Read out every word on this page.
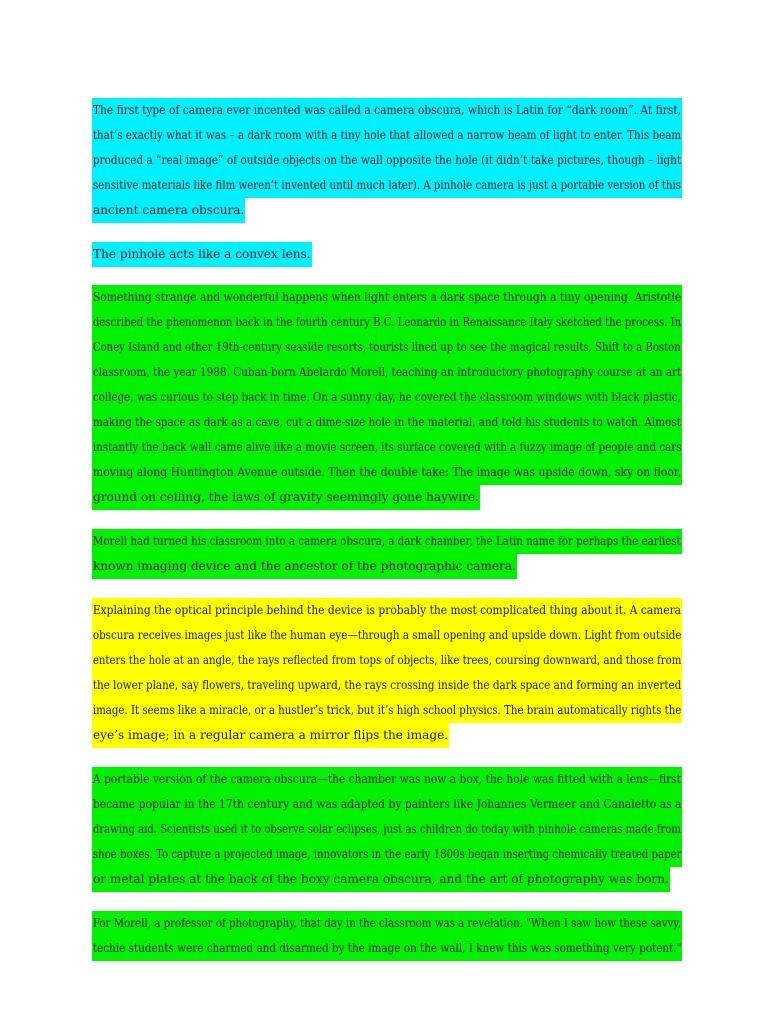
The first type of camera ever incented was called a camera obscura, which is Latin for “dark room”. At first,
that’s exactly what it was – a dark room with a tiny hole that allowed a narrow beam of light to enter. This beam
produced a “real image” of outside objects on the wall opposite the hole (it didn’t take pictures, though – light
sensitive materials like film weren’t invented until much later). A pinhole camera is just a portable version of this
ancient camera obscura.

The pinhole acts like a convex lens.

Something strange and wonderful happens when light enters a dark space through a tiny opening. Aristotle
described the phenomenon back in the fourth century B.C. Leonardo in Renaissance Italy sketched the process. In
Coney Island and other 19th-century seaside resorts, tourists lined up to see the magical results. Shift to a Boston
classroom, the year 1988. Cuban-born Abelardo Morell, teaching an introductory photography course at an art
college, was curious to step back in time. On a sunny day, he covered the classroom windows with black plastic,
making the space as dark as a cave, cut a dime-size hole in the material, and told his students to watch. Almost
instantly the back wall came alive like a movie screen, its surface covered with a fuzzy image of people and cars
moving along Huntington Avenue outside. Then the double take: The image was upside down, sky on floor,
ground on ceiling, the laws of gravity seemingly gone haywire.

Morell had turned his classroom into a camera obscura, a dark chamber, the Latin name for perhaps the earliest
known imaging device and the ancestor of the photographic camera.

Explaining the optical principle behind the device is probably the most complicated thing about it. A camera
obscura receives images just like the human eye—through a small opening and upside down. Light from outside
enters the hole at an angle, the rays reflected from tops of objects, like trees, coursing downward, and those from
the lower plane, say flowers, traveling upward, the rays crossing inside the dark space and forming an inverted
image. It seems like a miracle, or a hustler’s trick, but it’s high school physics. The brain automatically rights the
eye’s image; in a regular camera a mirror flips the image.

A portable version of the camera obscura—the chamber was now a box, the hole was fitted with a lens—first
became popular in the 17th century and was adapted by painters like Johannes Vermeer and Canaletto as a
drawing aid. Scientists used it to observe solar eclipses, just as children do today with pinhole cameras made from
shoe boxes. To capture a projected image, innovators in the early 1800s began inserting chemically treated paper
or metal plates at the back of the boxy camera obscura, and the art of photography was born.

For Morell, a professor of photography, that day in the classroom was a revelation. "When I saw how these savvy,
techie students were charmed and disarmed by the image on the wall, I knew this was something very potent."
